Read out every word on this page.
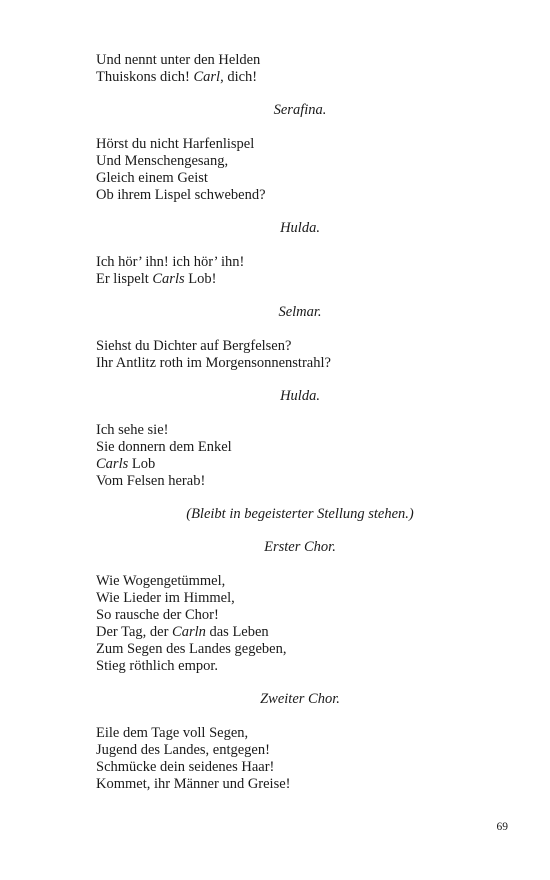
Und nennt unter den Helden
Thuiskons dich! Carl, dich!
Serafina.
Hörst du nicht Harfenlispel
Und Menschengesang,
Gleich einem Geist
Ob ihrem Lispel schwebend?
Hulda.
Ich hör’ ihn! ich hör’ ihn!
Er lispelt Carls Lob!
Selmar.
Siehst du Dichter auf Bergfelsen?
Ihr Antlitz roth im Morgensonnenstrahl?
Hulda.
Ich sehe sie!
Sie donnern dem Enkel
Carls Lob
Vom Felsen herab!
(Bleibt in begeisterter Stellung stehen.)
Erster Chor.
Wie Wogengetümmel,
Wie Lieder im Himmel,
So rausche der Chor!
Der Tag, der Carln das Leben
Zum Segen des Landes gegeben,
Stieg röthlich empor.
Zweiter Chor.
Eile dem Tage voll Segen,
Jugend des Landes, entgegen!
Schmücke dein seidenes Haar!
Kommet, ihr Männer und Greise!
69
